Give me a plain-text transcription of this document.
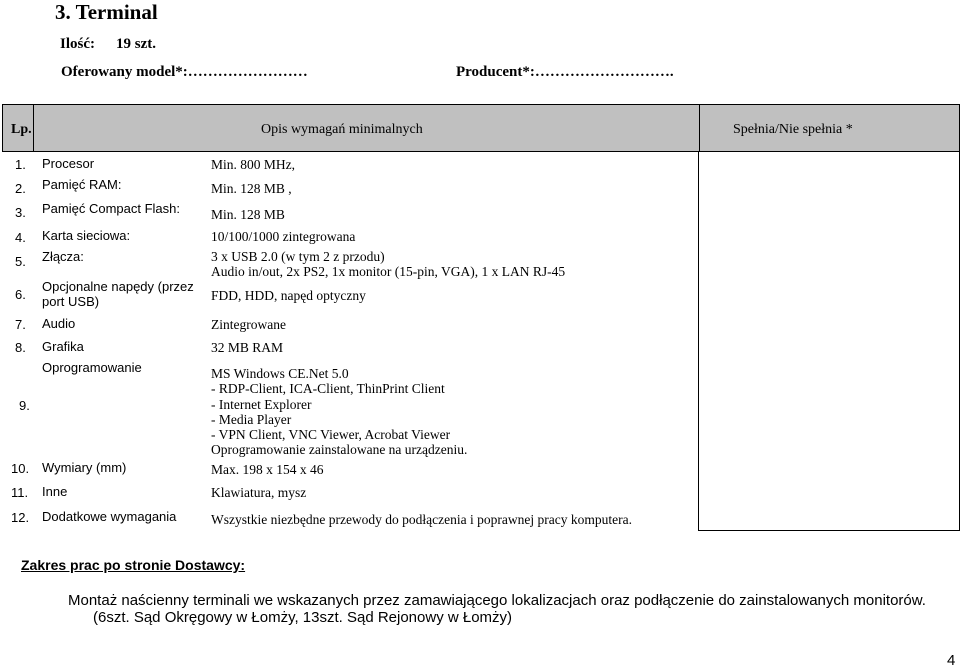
3. Terminal
Ilość: 19 szt.
Oferowany model*:……………………	Producent*:……………………….
Lp.	Opis wymagań minimalnych	Spełnia/Nie spełnia *
1. Procesor	Min. 800 MHz,
2. Pamięć RAM:	Min. 128 MB ,
3. Pamięć Compact Flash: Min. 128 MB
4. Karta sieciowa:	10/100/1000 zintegrowana
5. Złącza:	3 x USB 2.0 (w tym 2 z przodu)
Audio in/out, 2x PS2, 1x monitor (15-pin, VGA), 1 x LAN RJ-45
6.
Opcjonalne napędy (przez
port USB)	FDD, HDD, napęd optyczny
7. Audio	Zintegrowane
8. Grafika	32 MB RAM
9.
Oprogramowanie	MS Windows CE.Net 5.0
- RDP-Client, ICA-Client, ThinPrint Client
- Internet Explorer
- Media Player
- VPN Client, VNC Viewer, Acrobat Viewer
Oprogramowanie zainstalowane na urządzeniu.
10. Wymiary (mm)	Max. 198 x 154 x 46
11. Inne	Klawiatura, mysz
12. Dodatkowe wymagania	Wszystkie niezbędne przewody do podłączenia i poprawnej pracy komputera.
Zakres prac po stronie Dostawcy:
Montaż naścienny terminali we wskazanych przez zamawiającego lokalizacjach oraz podłączenie do zainstalowanych monitorów.
(6szt. Sąd Okręgowy w Łomży, 13szt. Sąd Rejonowy w Łomży)
4
